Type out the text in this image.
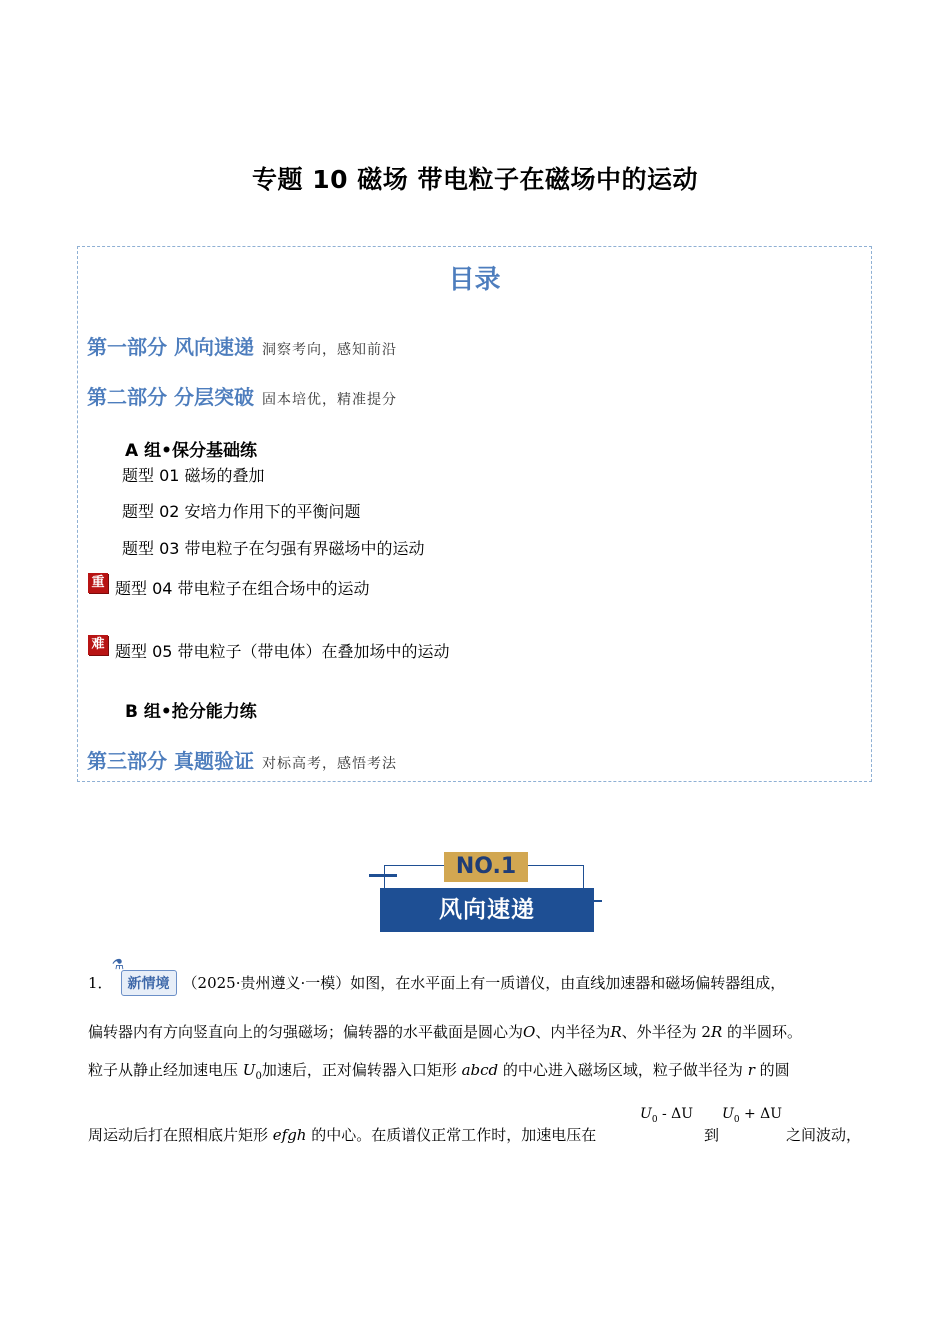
专题 10 磁场 带电粒子在磁场中的运动
目录
第一部分 风向速递 洞察考向，感知前沿
第二部分 分层突破 固本培优，精准提分
A 组•保分基础练
题型 01 磁场的叠加
题型 02 安培力作用下的平衡问题
题型 03 带电粒子在匀强有界磁场中的运动
重 题型 04 带电粒子在组合场中的运动
难 题型 05 带电粒子（带电体）在叠加场中的运动
B 组•抢分能力练
第三部分 真题验证 对标高考，感悟考法
NO.1
风向速递
1．
⚗
新情境 （2025·贵州遵义·一模）如图，在水平面上有一质谱仪，由直线加速器和磁场偏转器组成，
偏转器内有方向竖直向上的匀强磁场；偏转器的水平截面是圆心为O、内半径为R、外半径为 2R 的半圆环。
粒子从静止经加速电压 $U_0$加速后，正对偏转器入口矩形 abcd 的中心进入磁场区域，粒子做半径为 r 的圆
$U_0$ - ΔU $U_0 + \Delta U$
周运动后打在照相底片矩形 efgh 的中心。在质谱仪正常工作时，加速电压在	到	之间波动，
